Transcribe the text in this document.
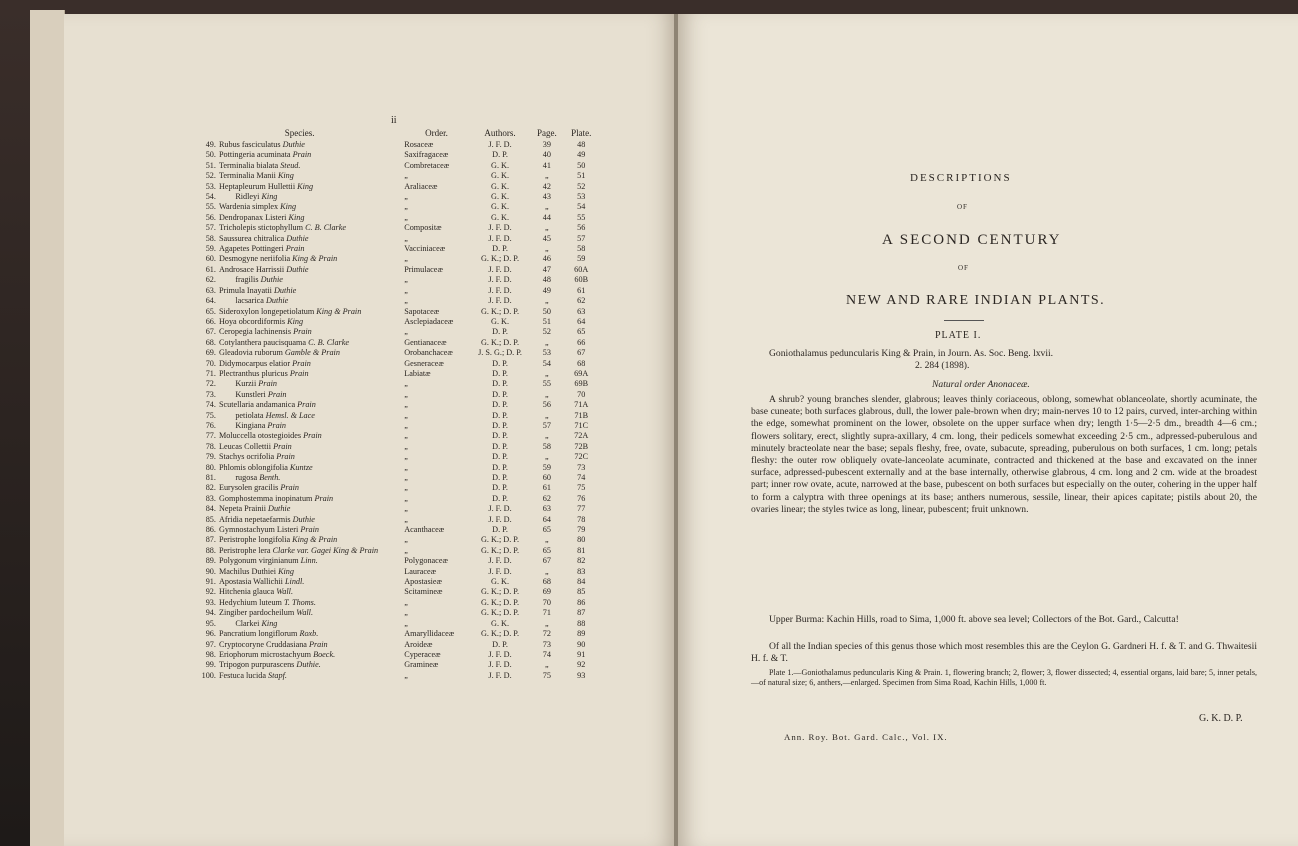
ii
Species.		Order.	Authors.	Page.	Plate.
49.	Rubus fasciculatus Duthie	Rosaceæ	J. F. D.	39	48
50.	Pottingeria acuminata Prain	Saxifragaceæ	D. P.	40	49
51.	Terminalia bialata Steud.	Combretaceæ	G. K.	41	50
52.	Terminalia Manii King	„	G. K.	„	51
53.	Heptapleurum Hullettii King	Araliaceæ	G. K.	42	52
54.	Ridleyi King	„	G. K.	43	53
55.	Wardenia simplex King	„	G. K.	„	54
56.	Dendropanax Listeri King	„	G. K.	44	55
57.	Tricholepis stictophyllum C. B. Clarke	Compositæ	J. F. D.	„	56
58.	Saussurea chitralica Duthie	„	J. F. D.	45	57
59.	Agapetes Pottingeri Prain	Vacciniaceæ	D. P.	„	58
60.	Desmogyne neriifolia King & Prain	„	G. K.; D. P.	46	59
61.	Androsace Harrissii Duthie	Primulaceæ	J. F. D.	47	60A
62.	fragilis Duthie	„	J. F. D.	48	60B
63.	Primula Inayatii Duthie	„	J. F. D.	49	61
64.	lacsarica Duthie	„	J. F. D.	„	62
65.	Sideroxylon longepetiolatum King & Prain	Sapotaceæ	G. K.; D. P.	50	63
66.	Hoya obcordiformis King	Asclepiadaceæ	G. K.	51	64
67.	Ceropegia lachinensis Prain	„	D. P.	52	65
68.	Cotylanthera paucisquama C. B. Clarke	Gentianaceæ	G. K.; D. P.	„	66
69.	Gleadovia ruborum Gamble & Prain	Orobanchaceæ	J. S. G.; D. P.	53	67
70.	Didymocarpus elatior Prain	Gesneraceæ	D. P.	54	68
71.	Plectranthus pluricus Prain	Labiatæ	D. P.	„	69A
72.	Kurzii Prain	„	D. P.	55	69B
73.	Kunstleri Prain	„	D. P.	„	70
74.	Scutellaria andamanica Prain	„	D. P.	56	71A
75.	petiolata Hemsl. & Lace	„	D. P.	„	71B
76.	Kingiana Prain	„	D. P.	57	71C
77.	Moluccella otostegioides Prain	„	D. P.	„	72A
78.	Leucas Collettii Prain	„	D. P.	58	72B
79.	Stachys ocrifolia Prain	„	D. P.	„	72C
80.	Phlomis oblongifolia Kuntze	„	D. P.	59	73
81.	rugosa Benth.	„	D. P.	60	74
82.	Eurysolen gracilis Prain	„	D. P.	61	75
83.	Gomphostemma inopinatum Prain	„	D. P.	62	76
84.	Nepeta Prainii Duthie	„	J. F. D.	63	77
85.	Afridia nepetaefarmis Duthie	„	J. F. D.	64	78
86.	Gymnostachyum Listeri Prain	Acanthaceæ	D. P.	65	79
87.	Peristrophe longifolia King & Prain	„	G. K.; D. P.	„	80
88.	Peristrophe lera Clarke var. Gagei King & Prain	„	G. K.; D. P.	65	81
89.	Polygonum virginianum Linn.	Polygonaceæ	J. F. D.	67	82
90.	Machilus Duthiei King	Lauraceæ	J. F. D.	„	83
91.	Apostasia Wallichii Lindl.	Apostasieæ	G. K.	68	84
92.	Hitchenia glauca Wall.	Scitamineæ	G. K.; D. P.	69	85
93.	Hedychium luteum T. Thoms.	„	G. K.; D. P.	70	86
94.	Zingiber pardocheilum Wall.	„	G. K.; D. P.	71	87
95.	Clarkei King	„	G. K.	„	88
96.	Pancratium longiflorum Roxb.	Amaryllidaceæ	G. K.; D. P.	72	89
97.	Cryptocoryne Cruddasiana Prain	Aroideæ	D. P.	73	90
98.	Eriophorum microstachyum Boeck.	Cyperaceæ	J. F. D.	74	91
99.	Tripogon purpurascens Duthie.	Gramineæ	J. F. D.	„	92
100.	Festuca lucida Stapf.	„	J. F. D.	75	93
DESCRIPTIONS
OF
A SECOND CENTURY
OF
NEW AND RARE INDIAN PLANTS.
PLATE I.
Goniothalamus peduncularis King & Prain, in Journ. As. Soc. Beng. lxvii.
2. 284 (1898).
Natural order Anonaceæ.
A shrub? young branches slender, glabrous; leaves thinly coriaceous, oblong, somewhat oblanceolate, shortly acuminate, the base cuneate; both surfaces glabrous, dull, the lower pale-brown when dry; main-nerves 10 to 12 pairs, curved, inter-arching within the edge, somewhat prominent on the lower, obsolete on the upper surface when dry; length 1·5—2·5 dm., breadth 4—6 cm.; flowers solitary, erect, slightly supra-axillary, 4 cm. long, their pedicels somewhat exceeding 2·5 cm., adpressed-puberulous and minutely bracteolate near the base; sepals fleshy, free, ovate, subacute, spreading, puberulous on both surfaces, 1 cm. long; petals fleshy: the outer row obliquely ovate-lanceolate acuminate, contracted and thickened at the base and excavated on the inner surface, adpressed-pubescent externally and at the base internally, otherwise glabrous, 4 cm. long and 2 cm. wide at the broadest part; inner row ovate, acute, narrowed at the base, pubescent on both surfaces but especially on the outer, cohering in the upper half to form a calyptra with three openings at its base; anthers numerous, sessile, linear, their apices capitate; pistils about 20, the ovaries linear; the styles twice as long, linear, pubescent; fruit unknown.
Upper Burma: Kachin Hills, road to Sima, 1,000 ft. above sea level; Collectors of the Bot. Gard., Calcutta!
Of all the Indian species of this genus those which most resembles this are the Ceylon G. Gardneri H. f. & T. and G. Thwaitesii H. f. & T.
Plate 1.—Goniothalamus peduncularis King & Prain. 1, flowering branch; 2, flower; 3, flower dissected; 4, essential organs, laid bare; 5, inner petals,—of natural size; 6, anthers,—enlarged. Specimen from Sima Road, Kachin Hills, 1,000 ft.
G. K. D. P.
Ann. Roy. Bot. Gard. Calc., Vol. IX.
